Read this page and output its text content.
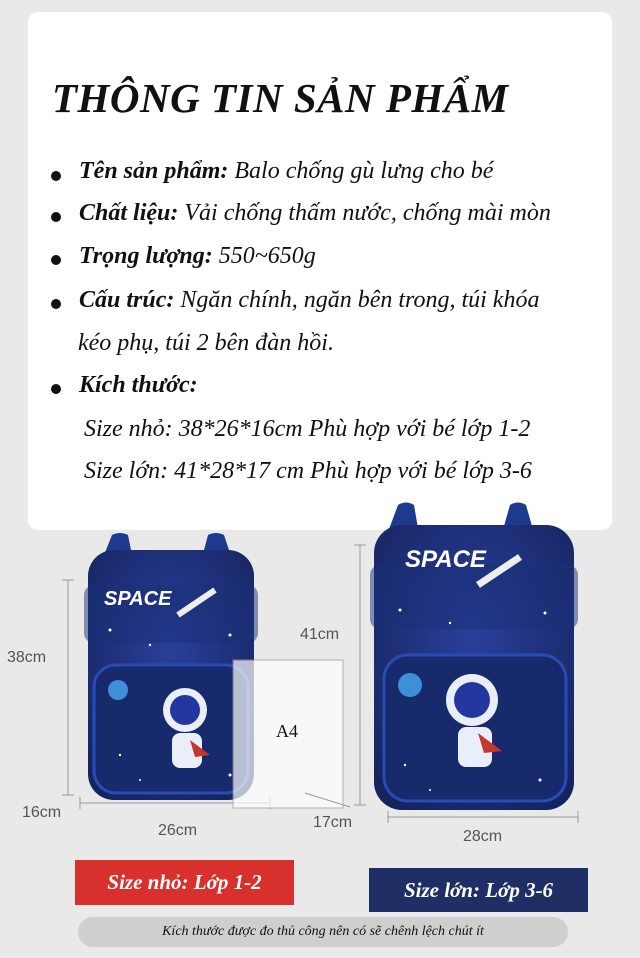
THÔNG TIN SẢN PHẨM
Tên sản phẩm: Balo chống gù lưng cho bé
Chất liệu: Vải chống thấm nước, chống mài mòn
Trọng lượng: 550~650g
Cấu trúc: Ngăn chính, ngăn bên trong, túi khóa
kéo phụ, túi 2 bên đàn hồi.
Kích thước:
Size nhỏ: 38*26*16cm Phù hợp với bé lớp 1-2
Size lớn: 41*28*17 cm Phù hợp với bé lớp 3-6
SPACE
A4
SPACE
38cm
16cm
26cm
41cm
17cm
28cm
Size nhỏ: Lớp 1-2	Size lớn: Lớp 3-6
Kích thước được đo thủ công nên có sẽ chênh lệch chút ít
